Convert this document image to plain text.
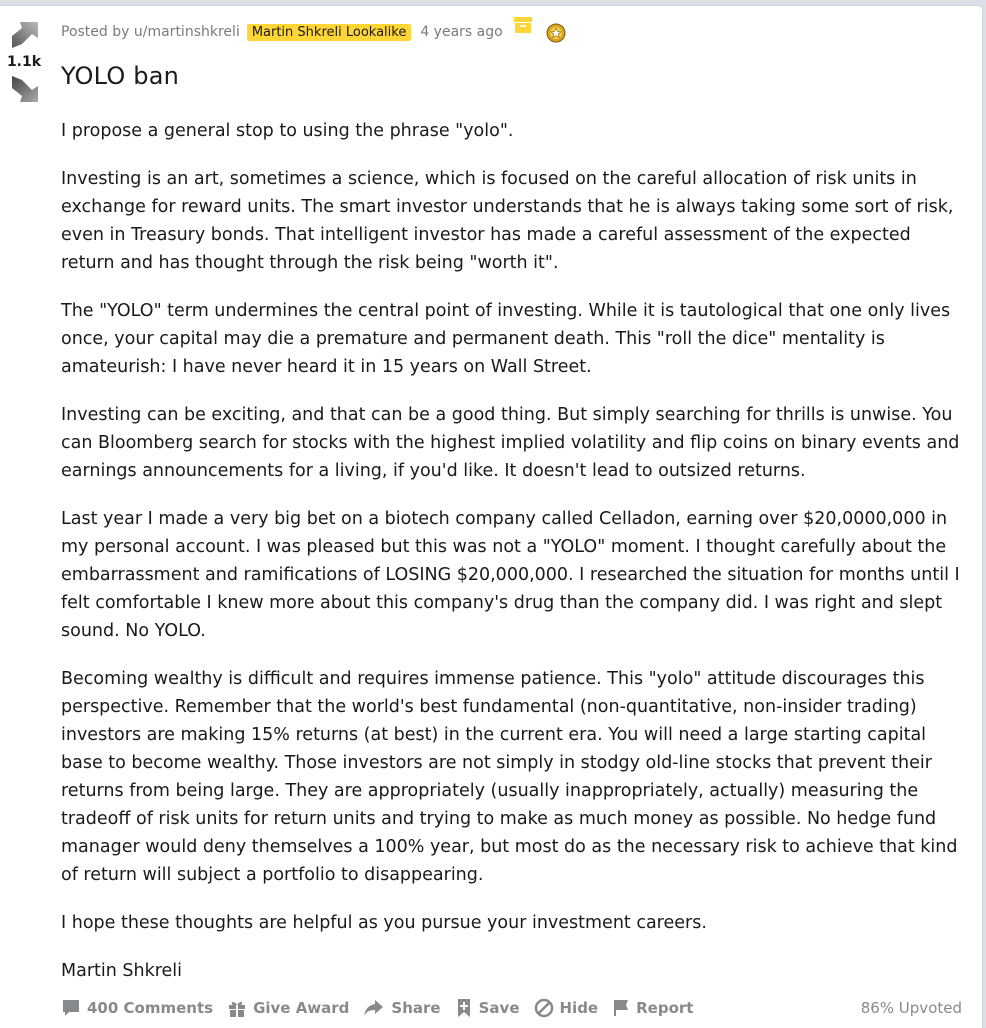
1.1k
Posted by
u/martinshkreli Martin Shkreli Lookalike	4 years ago
YOLO ban

I propose a general stop to using the phrase "yolo".

Investing is an art, sometimes a science, which is focused on the careful allocation of risk units in exchange for reward units. The smart investor understands that he is always taking some sort of risk, even in Treasury bonds. That intelligent investor has made a careful assessment of the expected return and has thought through the risk being "worth it".

The "YOLO" term undermines the central point of investing. While it is tautological that one only lives once, your capital may die a premature and permanent death. This "roll the dice" mentality is amateurish: I have never heard it in 15 years on Wall Street.

Investing can be exciting, and that can be a good thing. But simply searching for thrills is unwise. You can Bloomberg search for stocks with the highest implied volatility and flip coins on binary events and earnings announcements for a living, if you'd like. It doesn't lead to outsized returns.

Last year I made a very big bet on a biotech company called Celladon, earning over $20,0000,000 in my personal account. I was pleased but this was not a "YOLO" moment. I thought carefully about the embarrassment and ramifications of LOSING $20,000,000. I researched the situation for months until I felt comfortable I knew more about this company's drug than the company did. I was right and slept sound. No YOLO.

Becoming wealthy is difficult and requires immense patience. This "yolo" attitude discourages this perspective. Remember that the world's best fundamental (non-quantitative, non-insider trading) investors are making 15% returns (at best) in the current era. You will need a large starting capital base to become wealthy. Those investors are not simply in stodgy old-line stocks that prevent their returns from being large. They are appropriately (usually inappropriately, actually) measuring the tradeoff of risk units for return units and trying to make as much money as possible. No hedge fund manager would deny themselves a 100% year, but most do as the necessary risk to achieve that kind of return will subject a portfolio to disappearing.

I hope these thoughts are helpful as you pursue your investment careers.

Martin Shkreli

400 Comments	Give Award	Share	Save	Hide	Report	86% Upvoted
